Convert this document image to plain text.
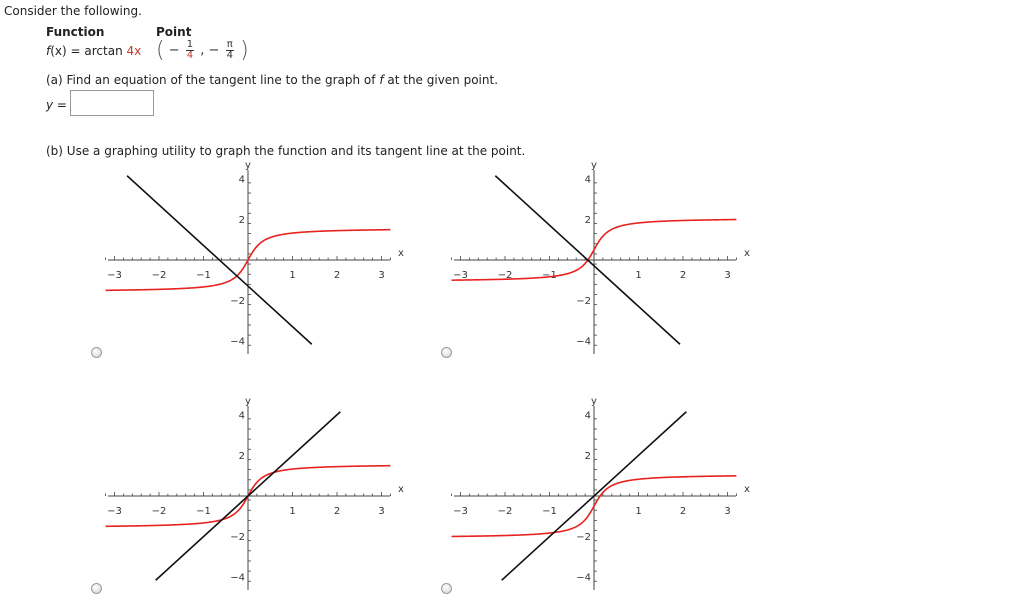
Consider the following.
Function	Point
f(x) = arctan 4x ( − $\frac{1}{4}$ , − $\frac{\pi}{4}$ )
(a) Find an equation of the tangent line to the graph of f at the given point.
y =
(b) Use a graphing utility to graph the function and its tangent line at the point.
−3	−2	−1	1	2	3
4
2
−2
−4
x
y
−3	−2	−1	1	2	3
4
2
−2
−4
x
y
−3	−2	−1	1	2	3
4
2
−2
−4
x
y
−3	−2	−1	1	2	3
4
2
−2
−4
x
y
